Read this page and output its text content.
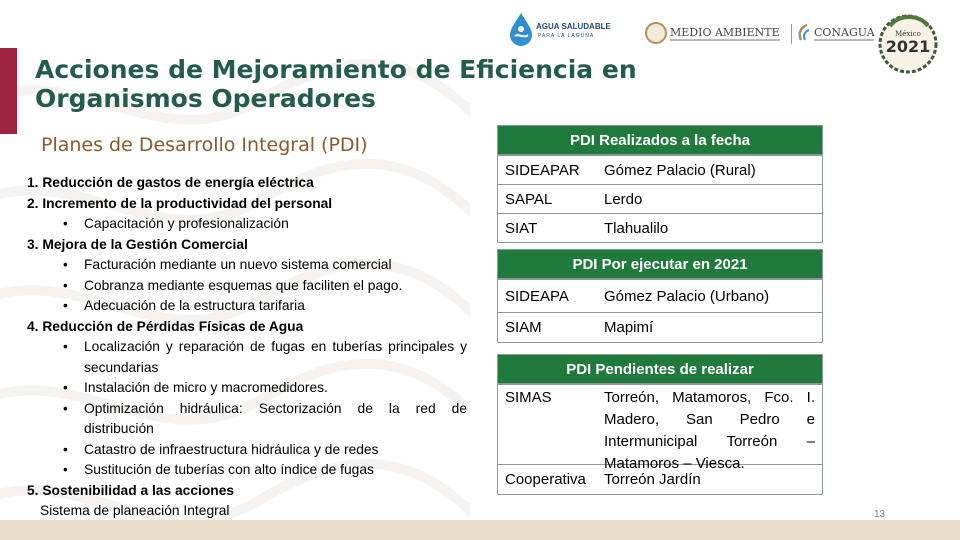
AGUA SALUDABLE
PARA LA LAGUNA	MEDIO AMBIENTE	CONAGUA
2021
México
Acciones de Mejoramiento de Eficiencia en Organismos Operadores
Planes de Desarrollo Integral (PDI)
1. Reducción de gastos de energía eléctrica
2. Incremento de la productividad del personal
• Capacitación y profesionalización
3. Mejora de la Gestión Comercial
• Facturación mediante un nuevo sistema comercial
• Cobranza mediante esquemas que faciliten el pago.
• Adecuación de la estructura tarifaria
4. Reducción de Pérdidas Físicas de Agua
• Localización y reparación de fugas en tuberías principales y secundarias
• Instalación de micro y macromedidores.
• Optimización hidráulica: Sectorización de la red de distribución
• Catastro de infraestructura hidráulica y de redes
• Sustitución de tuberías con alto índice de fugas
5. Sostenibilidad a las acciones
Sistema de planeación Integral
PDI Realizados a la fecha
SIDEAPAR	Gómez Palacio (Rural)
SAPAL	Lerdo
SIAT	Tlahualilo
PDI Por ejecutar en 2021
SIDEAPA	Gómez Palacio (Urbano)
SIAM	Mapimí
PDI Pendientes de realizar
SIMAS	Torreón, Matamoros, Fco. I. Madero, San Pedro e Intermunicipal Torreón – Matamoros – Viesca.
Cooperativa	Torreón Jardín
13
